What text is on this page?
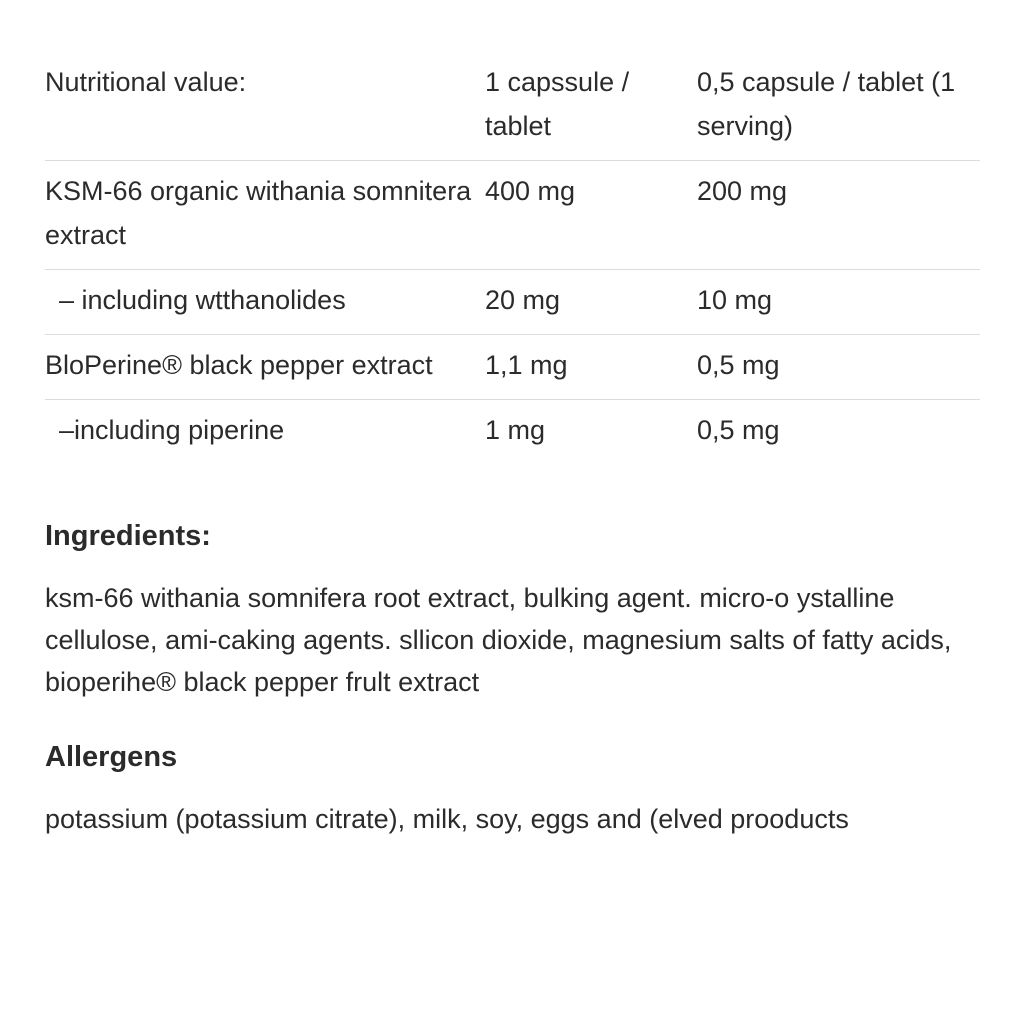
Nutritional value:	1 capssule / tablet	0,5 capsule / tablet (1 serving)

KSM-66 organic withania somnitera extract	400 mg	200 mg

– including wtthanolides	20 mg	10 mg

BloPerine® black pepper extract	1,1 mg	0,5 mg

–including piperine	1 mg	0,5 mg
Ingredients:

ksm-66 withania somnifera root extract, bulking agent. micro-o ystalline cellulose, ami-caking agents. sllicon dioxide, magnesium salts of fatty acids, bioperihe® black pepper frult extract

Allergens

potassium (potassium citrate), milk, soy, eggs and (elved prooducts
